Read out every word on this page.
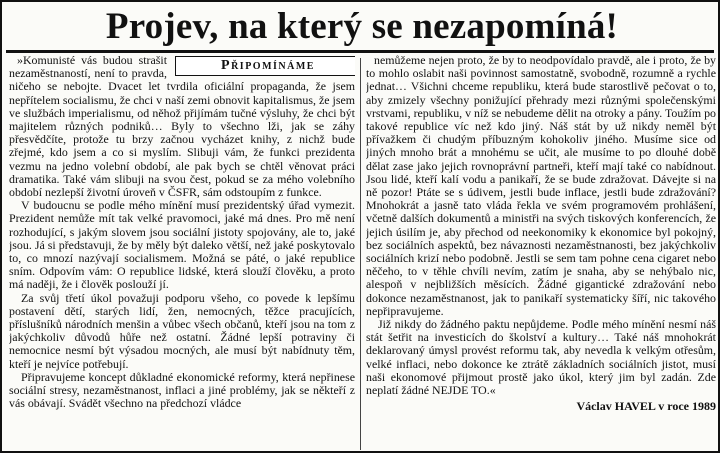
Projev, na který se nezapomíná!
Připomínáme

»Komunisté vás budou strašit nezaměstnaností, není to pravda, ničeho se nebojte. Dvacet let tvrdila oficiální propaganda, že jsem nepřítelem socialismu, že chci v naší zemi obnovit kapitalismus, že jsem ve službách imperialismu, od něhož přijímám tučné výsluhy, že chci být majitelem různých podniků… Byly to všechno lži, jak se záhy přesvědčíte, protože tu brzy začnou vycházet knihy, z nichž bude zřejmé, kdo jsem a co si myslím. Slibuji vám, že funkci prezidenta vezmu na jedno volební období, ale pak bych se chtěl věnovat práci dramatika. Také vám slibuji na svou čest, pokud se za mého volebního období nezlepší životní úroveň v ČSFR, sám odstoupím z funkce.

V budoucnu se podle mého mínění musí prezidentský úřad vymezit. Prezident nemůže mít tak velké pravomoci, jaké má dnes. Pro mě není rozhodující, s jakým slovem jsou sociální jistoty spojovány, ale to, jaké jsou. Já si představuji, že by měly být daleko větší, než jaké poskytovalo to, co mnozí nazývají socialismem. Možná se páté, o jaké republice sním. Odpovím vám: O republice lidské, která slouží člověku, a proto má naději, že i člověk poslouží jí.

Za svůj třetí úkol považuji podporu všeho, co povede k lepšímu postavení dětí, starých lidí, žen, nemocných, těžce pracujících, příslušníků národních menšin a vůbec všech občanů, kteří jsou na tom z jakýchkoliv důvodů hůře než ostatní. Žádné lepší potraviny či nemocnice nesmí být výsadou mocných, ale musí být nabídnuty těm, kteří je nejvíce potřebují.

Připravujeme koncept důkladné ekonomické reformy, která nepřinese sociální stresy, nezaměstnanost, inflaci a jiné problémy, jak se někteří z vás obávají. Svádět všechno na předchozí vládce

nemůžeme nejen proto, že by to neodpovídalo pravdě, ale i proto, že by to mohlo oslabit naši povinnost samostatně, svobodně, rozumně a rychle jednat… Všichni chceme republiku, která bude starostlivě pečovat o to, aby zmizely všechny ponižující přehrady mezi různými společenskými vrstvami, republiku, v níž se nebudeme dělit na otroky a pány. Toužím po takové republice víc než kdo jiný. Náš stát by už nikdy neměl být přívažkem či chudým příbuzným kohokoliv jiného. Musíme sice od jiných mnoho brát a mnohému se učit, ale musíme to po dlouhé době dělat zase jako jejich rovnoprávní partneři, kteří mají také co nabídnout. Jsou lidé, kteří kalí vodu a panikaří, že se bude zdražovat. Dávejte si na ně pozor! Ptáte se s údivem, jestli bude inflace, jestli bude zdražování? Mnohokrát a jasně tato vláda řekla ve svém programovém prohlášení, včetně dalších dokumentů a ministři na svých tiskových konferencích, že jejich úsilím je, aby přechod od neekonomiky k ekonomice byl pokojný, bez sociálních aspektů, bez návaznosti nezaměstnanosti, bez jakýchkoliv sociálních krizí nebo podobně. Jestli se sem tam pohne cena cigaret nebo něčeho, to v těhle chvíli nevím, zatím je snaha, aby se nehýbalo nic, alespoň v nejbližších měsících. Žádné gigantické zdražování nebo dokonce nezaměstnanost, jak to panikaří systematicky šíří, nic takového nepřipravujeme.

Již nikdy do žádného paktu nepůjdeme. Podle mého mínění nesmí náš stát šetřit na investicích do školství a kultury… Také náš mnohokrát deklarovaný úmysl provést reformu tak, aby nevedla k velkým otřesům, velké inflaci, nebo dokonce ke ztrátě základních sociálních jistot, musí naši ekonomové přijmout prostě jako úkol, který jim byl zadán. Zde neplatí žádné NEJDE TO.«

Václav HAVEL v roce 1989
